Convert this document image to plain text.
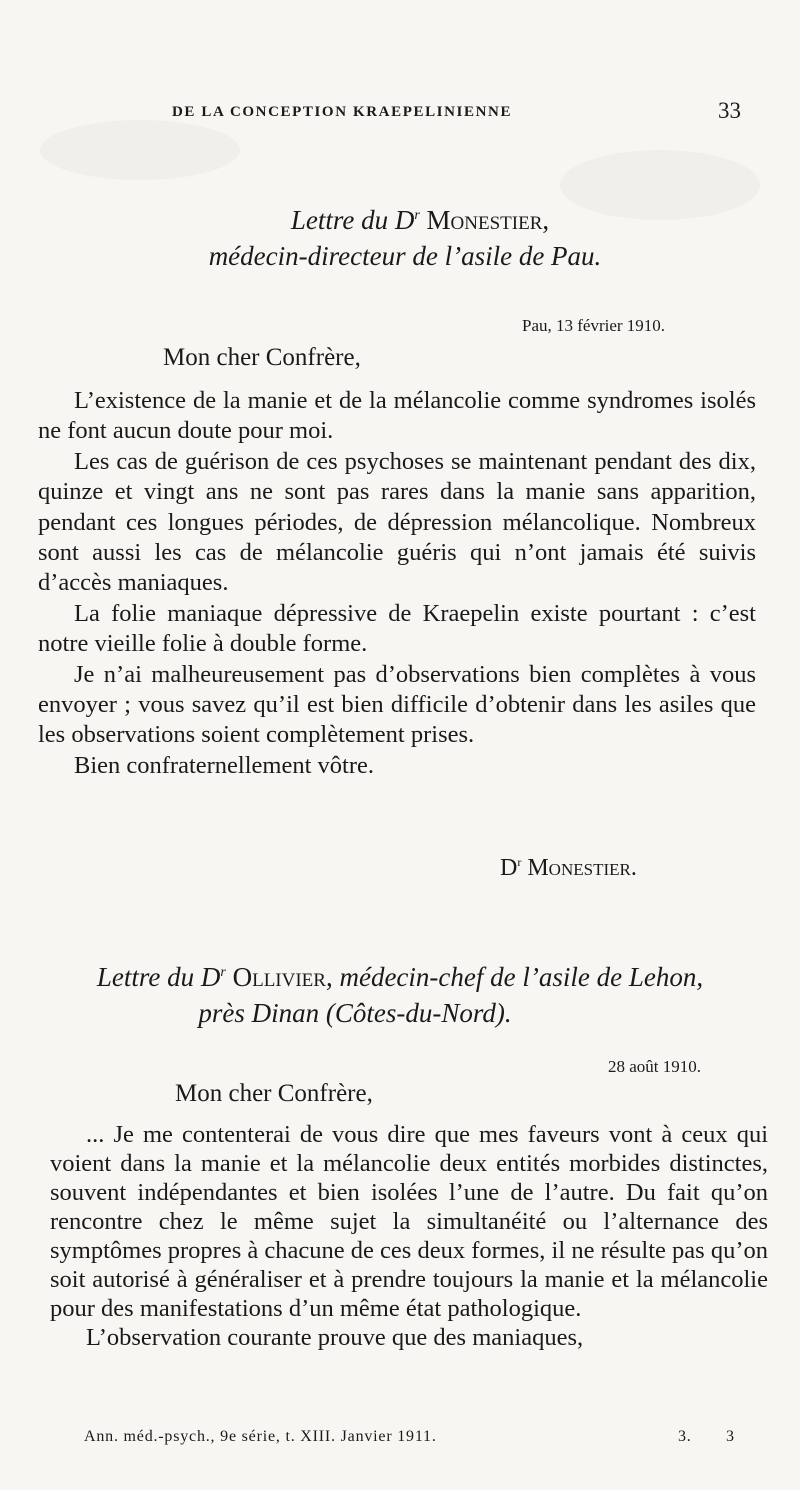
DE LA CONCEPTION KRAEPELINIENNE	33
Lettre du $D^r$ Monestier,
médecin-directeur de l’asile de Pau.
Pau, 13 février 1910.
Mon cher Confrère,

L’existence de la manie et de la mélancolie comme syndromes isolés ne font aucun doute pour moi.

Les cas de guérison de ces psychoses se maintenant pendant des dix, quinze et vingt ans ne sont pas rares dans la manie sans apparition, pendant ces longues périodes, de dépression mélancolique. Nombreux sont aussi les cas de mélancolie guéris qui n’ont jamais été suivis d’accès maniaques.

La folie maniaque dépressive de Kraepelin existe pourtant : c’est notre vieille folie à double forme.

Je n’ai malheureusement pas d’observations bien complètes à vous envoyer ; vous savez qu’il est bien difficile d’obtenir dans les asiles que les observations soient complètement prises.

Bien confraternellement vôtre.

$D^r$ Monestier.
Lettre du $D^r$ Ollivier, médecin-chef de l’asile de Lehon,
près Dinan (Côtes-du-Nord).
28 août 1910.
Mon cher Confrère,

... Je me contenterai de vous dire que mes faveurs vont à ceux qui voient dans la manie et la mélancolie deux entités morbides distinctes, souvent indépendantes et bien isolées l’une de l’autre. Du fait qu’on rencontre chez le même sujet la simultanéité ou l’alternance des symptômes propres à chacune de ces deux formes, il ne résulte pas qu’on soit autorisé à généraliser et à prendre toujours la manie et la mélancolie pour des manifestations d’un même état pathologique.

L’observation courante prouve que des maniaques,

Ann. méd.-psych., 9e série, t. XIII. Janvier 1911.	3. 3
